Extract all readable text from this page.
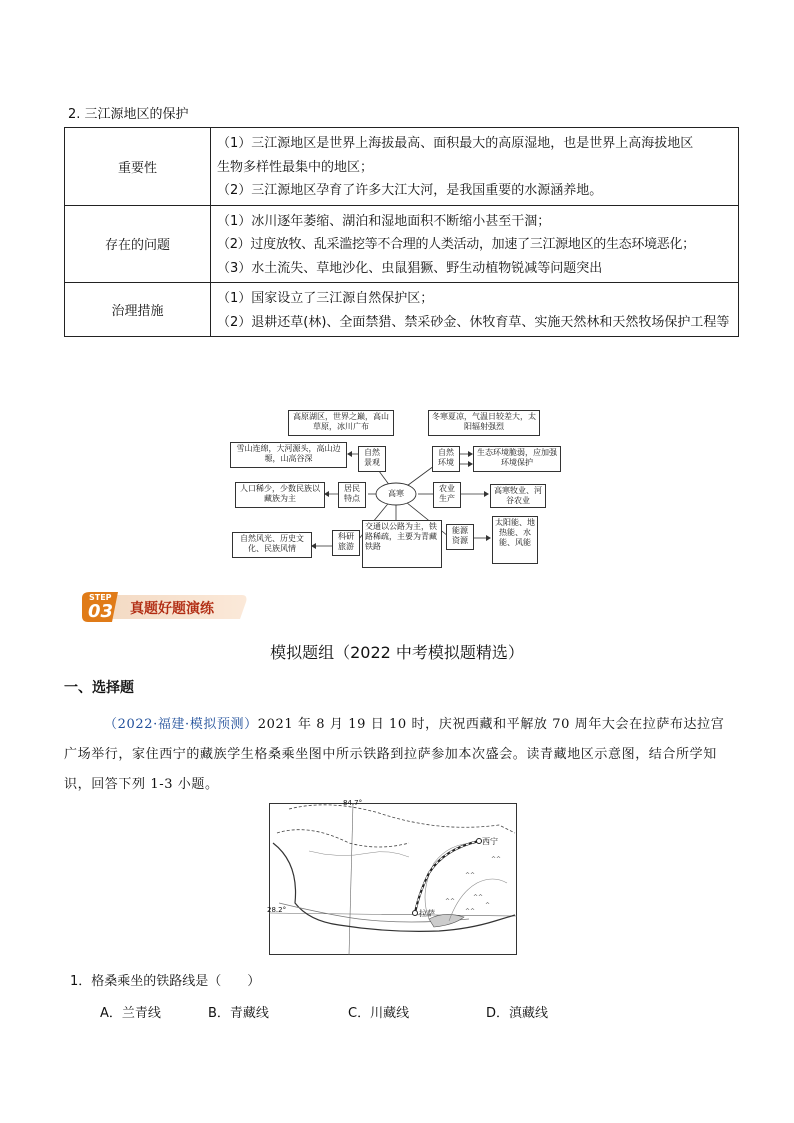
2. 三江源地区的保护
重要性	（1）三江源地区是世界上海拔最高、面积最大的高原湿地，也是世界上高海拔地区
生物多样性最集中的地区；
（2）三江源地区孕育了许多大江大河，是我国重要的水源涵养地。

存在的问题	（1）冰川逐年萎缩、湖泊和湿地面积不断缩小甚至干涸；
（2）过度放牧、乱采滥挖等不合理的人类活动，加速了三江源地区的生态环境恶化；
（3）水土流失、草地沙化、虫鼠猖獗、野生动植物锐减等问题突出

治理措施	（1）国家设立了三江源自然保护区；
（2）退耕还草(林)、全面禁猎、禁采砂金、休牧育草、实施天然林和天然牧场保护工程等
高寒
自然景观
自然环境
居民特点
农业生产
科研旅游
能源资源
高原湖区，世界之巅，高山草原，冰川广布
雪山连绵，大河源头，高山边塬，山高谷深
冬寒夏凉，气温日较差大，太阳辐射强烈
生态环境脆弱，应加强环境保护
人口稀少，少数民族以藏族为主
高寒牧业、河谷农业
自然风光、历史文化、民族风情
交通以公路为主，铁路稀疏，主要为青藏铁路
太阳能、地热能、水能、风能
STEP
03 真题好题演练
模拟题组（2022 中考模拟题精选）
一、选择题
（2022·福建·模拟预测）2021 年 8 月 19 日 10 时，庆祝西藏和平解放 70 周年大会在拉萨布达拉宫广场举行，家住西宁的藏族学生格桑乘坐图中所示铁路到拉萨参加本次盛会。读青藏地区示意图，结合所学知识，回答下列 1-3 小题。
^^
^^
^^
^^
^^
^
84.7°
28.2°
西宁
拉萨
1．格桑乘坐的铁路线是（　　）
A．兰青线	B．青藏线	C．川藏线	D．滇藏线
